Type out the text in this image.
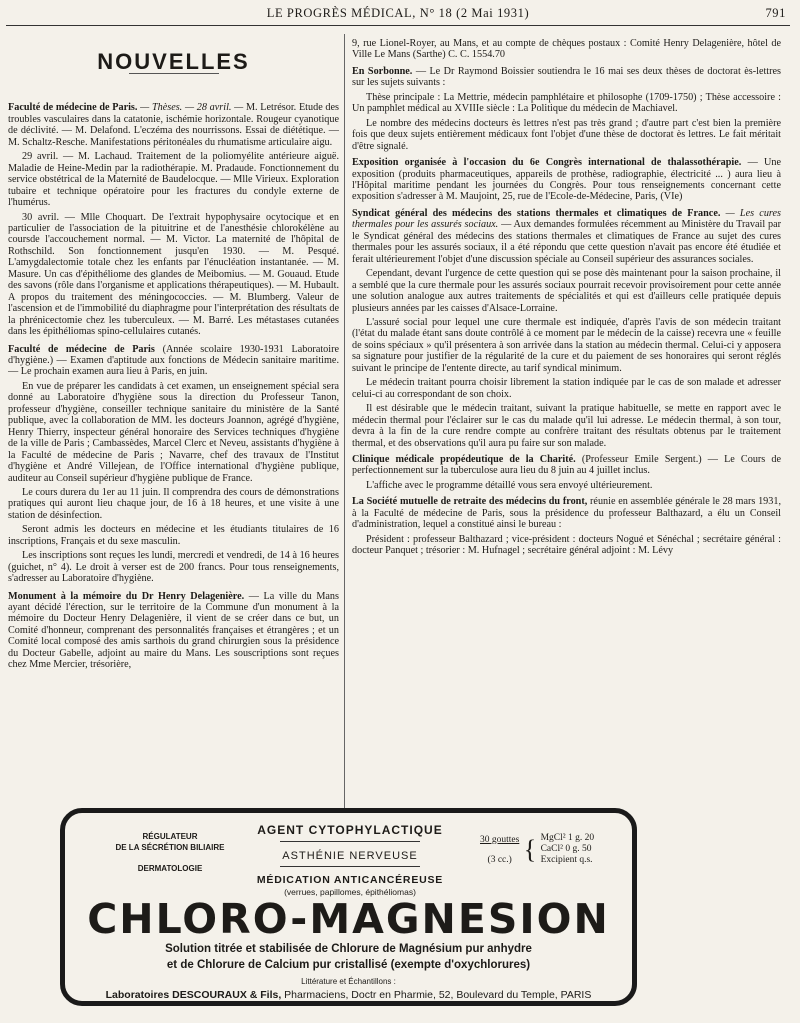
LE PROGRÈS MÉDICAL, N° 18 (2 Mai 1931)	791
NOUVELLES

Faculté de médecine de Paris. — Thèses. — 28 avril. — M. Letrésor. Etude des troubles vasculaires dans la catatonie, ischémie horizontale. Rougeur cyanotique de déclivité. — M. Delafond. L'eczéma des nourrissons. Essai de diététique. — M. Schaltz-Resche. Manifestations péritonéales du rhumatisme articulaire aigu.

29 avril. — M. Lachaud. Traitement de la poliomyélite antérieure aiguë. Maladie de Heine-Medin par la radiothérapie. M. Pradaude. Fonctionnement du service obstétrical de la Maternité de Baudelocque. — Mlle Virieux. Exploration tubaire et technique opératoire pour les fractures du condyle externe de l'humérus.

30 avril. — Mlle Choquart. De l'extrait hypophysaire ocytocique et en particulier de l'association de la pituitrine et de l'anesthésie chlorokélène au coursde l'accouchement normal. — M. Victor. La maternité de l'hôpital de Rothschild. Son fonctionnement jusqu'en 1930. — M. Pesqué. L'amygdalectomie totale chez les enfants par l'énucléation instantanée. — M. Masure. Un cas d'épithéliome des glandes de Meibomius. — M. Gouaud. Etude des savons (rôle dans l'organisme et applications thérapeutiques). — M. Hubault. A propos du traitement des méningococcies. — M. Blumberg. Valeur de l'ascension et de l'immobilité du diaphragme pour l'interprétation des résultats de la phrénicectomie chez les tuberculeux. — M. Barré. Les métastases cutanées dans les épithéliomas spino-cellulaires cutanés.

Faculté de médecine de Paris (Année scolaire 1930-1931 Laboratoire d'hygiène.) — Examen d'aptitude aux fonctions de Médecin sanitaire maritime. — Le prochain examen aura lieu à Paris, en juin.

En vue de préparer les candidats à cet examen, un enseignement spécial sera donné au Laboratoire d'hygiène sous la direction du Professeur Tanon, professeur d'hygiène, conseiller technique sanitaire du ministère de la Santé publique, avec la collaboration de MM. les docteurs Joannon, agrégé d'hygiène, Henry Thierry, inspecteur général honoraire des Services techniques d'hygiène de la ville de Paris ; Cambassèdes, Marcel Clerc et Neveu, assistants d'hygiène à la Faculté de médecine de Paris ; Navarre, chef des travaux de l'Institut d'hygiène et André Villejean, de l'Office international d'hygiène publique, auditeur au Conseil supérieur d'hygiène publique de France.

Le cours durera du 1er au 11 juin. Il comprendra des cours de démonstrations pratiques qui auront lieu chaque jour, de 16 à 18 heures, et une visite à une station de désinfection.

Seront admis les docteurs en médecine et les étudiants titulaires de 16 inscriptions, Français et du sexe masculin.

Les inscriptions sont reçues les lundi, mercredi et vendredi, de 14 à 16 heures (guichet, n° 4). Le droit à verser est de 200 francs. Pour tous renseignements, s'adresser au Laboratoire d'hygiène.

Monument à la mémoire du Dr Henry Delagenière. — La ville du Mans ayant décidé l'érection, sur le territoire de la Commune d'un monument à la mémoire du Docteur Henry Delagenière, il vient de se créer dans ce but, un Comité d'honneur, comprenant des personnalités françaises et étrangères ; et un Comité local composé des amis sarthois du grand chirurgien sous la présidence du Docteur Gabelle, adjoint au maire du Mans. Les souscriptions sont reçues chez Mme Mercier, trésorière,

9, rue Lionel-Royer, au Mans, et au compte de chèques postaux : Comité Henry Delagenière, hôtel de Ville Le Mans (Sarthe) C. C. 1554.70

En Sorbonne. — Le Dr Raymond Boissier soutiendra le 16 mai ses deux thèses de doctorat ès-lettres sur les sujets suivants :

Thèse principale : La Mettrie, médecin pamphlétaire et philosophe (1709-1750) ; Thèse accessoire : Un pamphlet médical au XVIIIe siècle : La Politique du médecin de Machiavel.

Le nombre des médecins docteurs ès lettres n'est pas très grand ; d'autre part c'est bien la première fois que deux sujets entièrement médicaux font l'objet d'une thèse de doctorat ès lettres. Le fait méritait d'être signalé.

Exposition organisée à l'occasion du 6e Congrès international de thalassothérapie. — Une exposition (produits pharmaceutiques, appareils de prothèse, radiographie, électricité ... ) aura lieu à l'Hôpital maritime pendant les journées du Congrès. Pour tous renseignements concernant cette exposition s'adresser à M. Maujoint, 25, rue de l'Ecole-de-Médecine, Paris, (VIe)

Syndicat général des médecins des stations thermales et climatiques de France. — Les cures thermales pour les assurés sociaux. — Aux demandes formulées récemment au Ministère du Travail par le Syndicat général des médecins des stations thermales et climatiques de France au sujet des cures thermales pour les assurés sociaux, il a été répondu que cette question n'avait pas encore été étudiée et ferait ultérieurement l'objet d'une discussion spéciale au Conseil supérieur des assurances sociales.

Cependant, devant l'urgence de cette question qui se pose dès maintenant pour la saison prochaine, il a semblé que la cure thermale pour les assurés sociaux pourrait recevoir provisoirement pour cette année une solution analogue aux autres traitements de spécialités et qui est d'ailleurs celle pratiquée depuis plusieurs années par les caisses d'Alsace-Lorraine.

L'assuré social pour lequel une cure thermale est indiquée, d'après l'avis de son médecin traitant (l'état du malade étant sans doute contrôlé à ce moment par le médecin de la caisse) recevra une « feuille de soins spéciaux » qu'il présentera à son arrivée dans la station au médecin thermal. Celui-ci y apposera sa signature pour justifier de la régularité de la cure et du paiement de ses honoraires qui seront réglés suivant le principe de l'entente directe, au tarif syndical minimum.

Le médecin traitant pourra choisir librement la station indiquée par le cas de son malade et adresser celui-ci au correspondant de son choix.

Il est désirable que le médecin traitant, suivant la pratique habituelle, se mette en rapport avec le médecin thermal pour l'éclairer sur le cas du malade qu'il lui adresse. Le médecin thermal, à son tour, devra à la fin de la cure rendre compte au confrère traitant des résultats obtenus par le traitement thermal, et des observations qu'il aura pu faire sur son malade.

Clinique médicale propédeutique de la Charité. (Professeur Emile Sergent.) — Le Cours de perfectionnement sur la tuberculose aura lieu du 8 juin au 4 juillet inclus.

L'affiche avec le programme détaillé vous sera envoyé ultérieurement.

La Société mutuelle de retraite des médecins du front, réunie en assemblée générale le 28 mars 1931, à la Faculté de médecine de Paris, sous la présidence du professeur Balthazard, a élu un Conseil d'administration, lequel a constitué ainsi le bureau :

Président : professeur Balthazard ; vice-président : docteurs Nogué et Sénéchal ; secrétaire général : docteur Panquet ; trésorier : M. Hufnagel ; secrétaire général adjoint : M. Lévy

RÉGULATEUR
DE LA SÉCRÉTION BILIAIRE
DERMATOLOGIE
AGENT CYTOPHYLACTIQUE
ASTHÉNIE NERVEUSE
MÉDICATION ANTICANCÉREUSE
(verrues, papillomes, épithéliomas)
30 gouttes
(3 cc.) { MgCl² 1 g. 20
CaCl² 0 g. 50
Excipient q.s.
CHLORO-MAGNESION
Solution titrée et stabilisée de Chlorure de Magnésium pur anhydre
et de Chlorure de Calcium pur cristallisé (exempte d'oxychlorures)
Littérature et Échantillons :
Laboratoires DESCOURAUX & Fils, Pharmaciens, Doctr en Pharmie, 52, Boulevard du Temple, PARIS
